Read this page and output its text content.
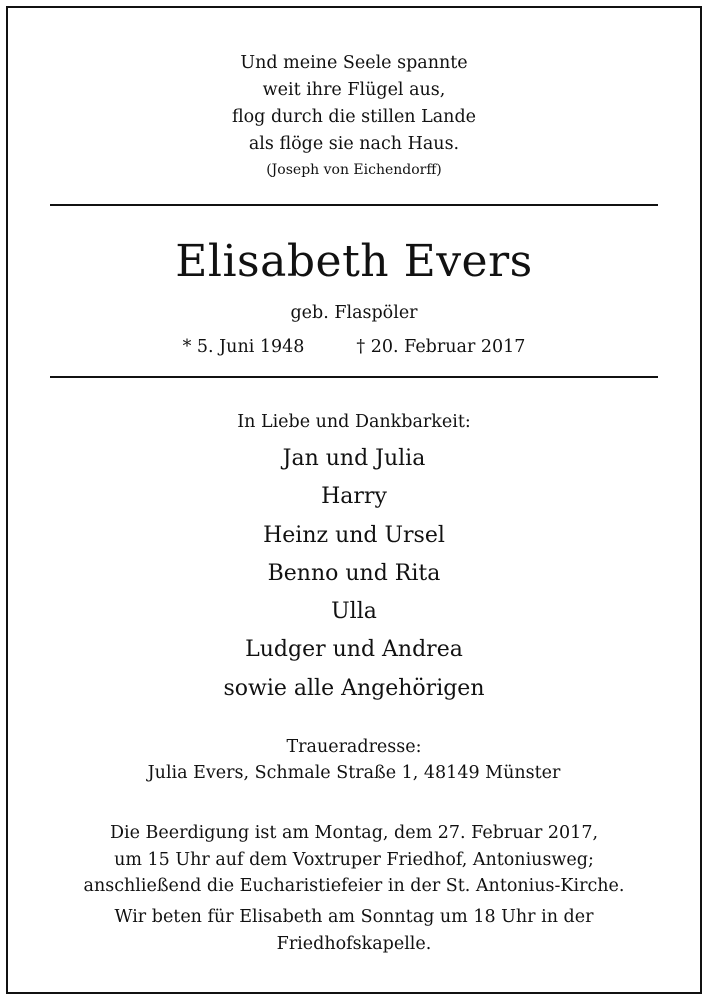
Und meine Seele spannte
weit ihre Flügel aus,
flog durch die stillen Lande
als flöge sie nach Haus.
(Joseph von Eichendorff)
Elisabeth Evers
geb. Flaspöler
* 5. Juni 1948	† 20. Februar 2017
In Liebe und Dankbarkeit:
Jan und Julia
Harry
Heinz und Ursel
Benno und Rita
Ulla
Ludger und Andrea
sowie alle Angehörigen
Traueradresse:
Julia Evers, Schmale Straße 1, 48149 Münster
Die Beerdigung ist am Montag, dem 27. Februar 2017,
um 15 Uhr auf dem Voxtruper Friedhof, Antoniusweg;
anschließend die Eucharistiefeier in der St. Antonius-Kirche.
Wir beten für Elisabeth am Sonntag um 18 Uhr in der
Friedhofskapelle.
